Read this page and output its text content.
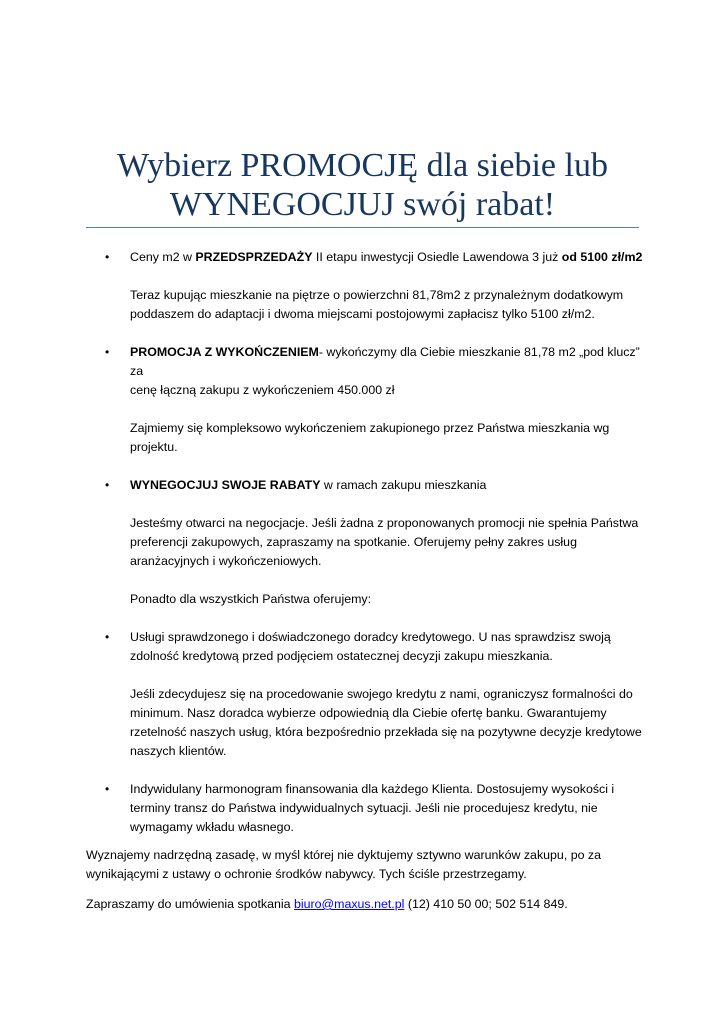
Wybierz PROMOCJĘ dla siebie lub
WYNEGOCJUJ swój rabat!
• Ceny m2 w PRZEDSPRZEDAŻY II etapu inwestycji Osiedle Lawendowa 3 już od 5100 zł/m2
Teraz kupując mieszkanie na piętrze o powierzchni 81,78m2 z przynależnym dodatkowym
poddaszem do adaptacji i dwoma miejscami postojowymi zapłacisz tylko 5100 zł/m2.
• PROMOCJA Z WYKOŃCZENIEM- wykończymy dla Ciebie mieszkanie 81,78 m2 „pod klucz” za
cenę łączną zakupu z wykończeniem 450.000 zł
Zajmiemy się kompleksowo wykończeniem zakupionego przez Państwa mieszkania wg
projektu.
• WYNEGOCJUJ SWOJE RABATY w ramach zakupu mieszkania
Jesteśmy otwarci na negocjacje. Jeśli żadna z proponowanych promocji nie spełnia Państwa
preferencji zakupowych, zapraszamy na spotkanie. Oferujemy pełny zakres usług
aranżacyjnych i wykończeniowych.
Ponadto dla wszystkich Państwa oferujemy:
• Usługi sprawdzonego i doświadczonego doradcy kredytowego. U nas sprawdzisz swoją
zdolność kredytową przed podjęciem ostatecznej decyzji zakupu mieszkania.
Jeśli zdecydujesz się na procedowanie swojego kredytu z nami, ograniczysz formalności do
minimum. Nasz doradca wybierze odpowiednią dla Ciebie ofertę banku. Gwarantujemy
rzetelność naszych usług, która bezpośrednio przekłada się na pozytywne decyzje kredytowe
naszych klientów.
• Indywidulany harmonogram finansowania dla każdego Klienta. Dostosujemy wysokości i
terminy transz do Państwa indywidualnych sytuacji. Jeśli nie procedujesz kredytu, nie
wymagamy wkładu własnego.
Wyznajemy nadrzędną zasadę, w myśl której nie dyktujemy sztywno warunków zakupu, po za
wynikającymi z ustawy o ochronie środków nabywcy. Tych ściśle przestrzegamy.
Zapraszamy do umówienia spotkania biuro@maxus.net.pl (12) 410 50 00; 502 514 849.
